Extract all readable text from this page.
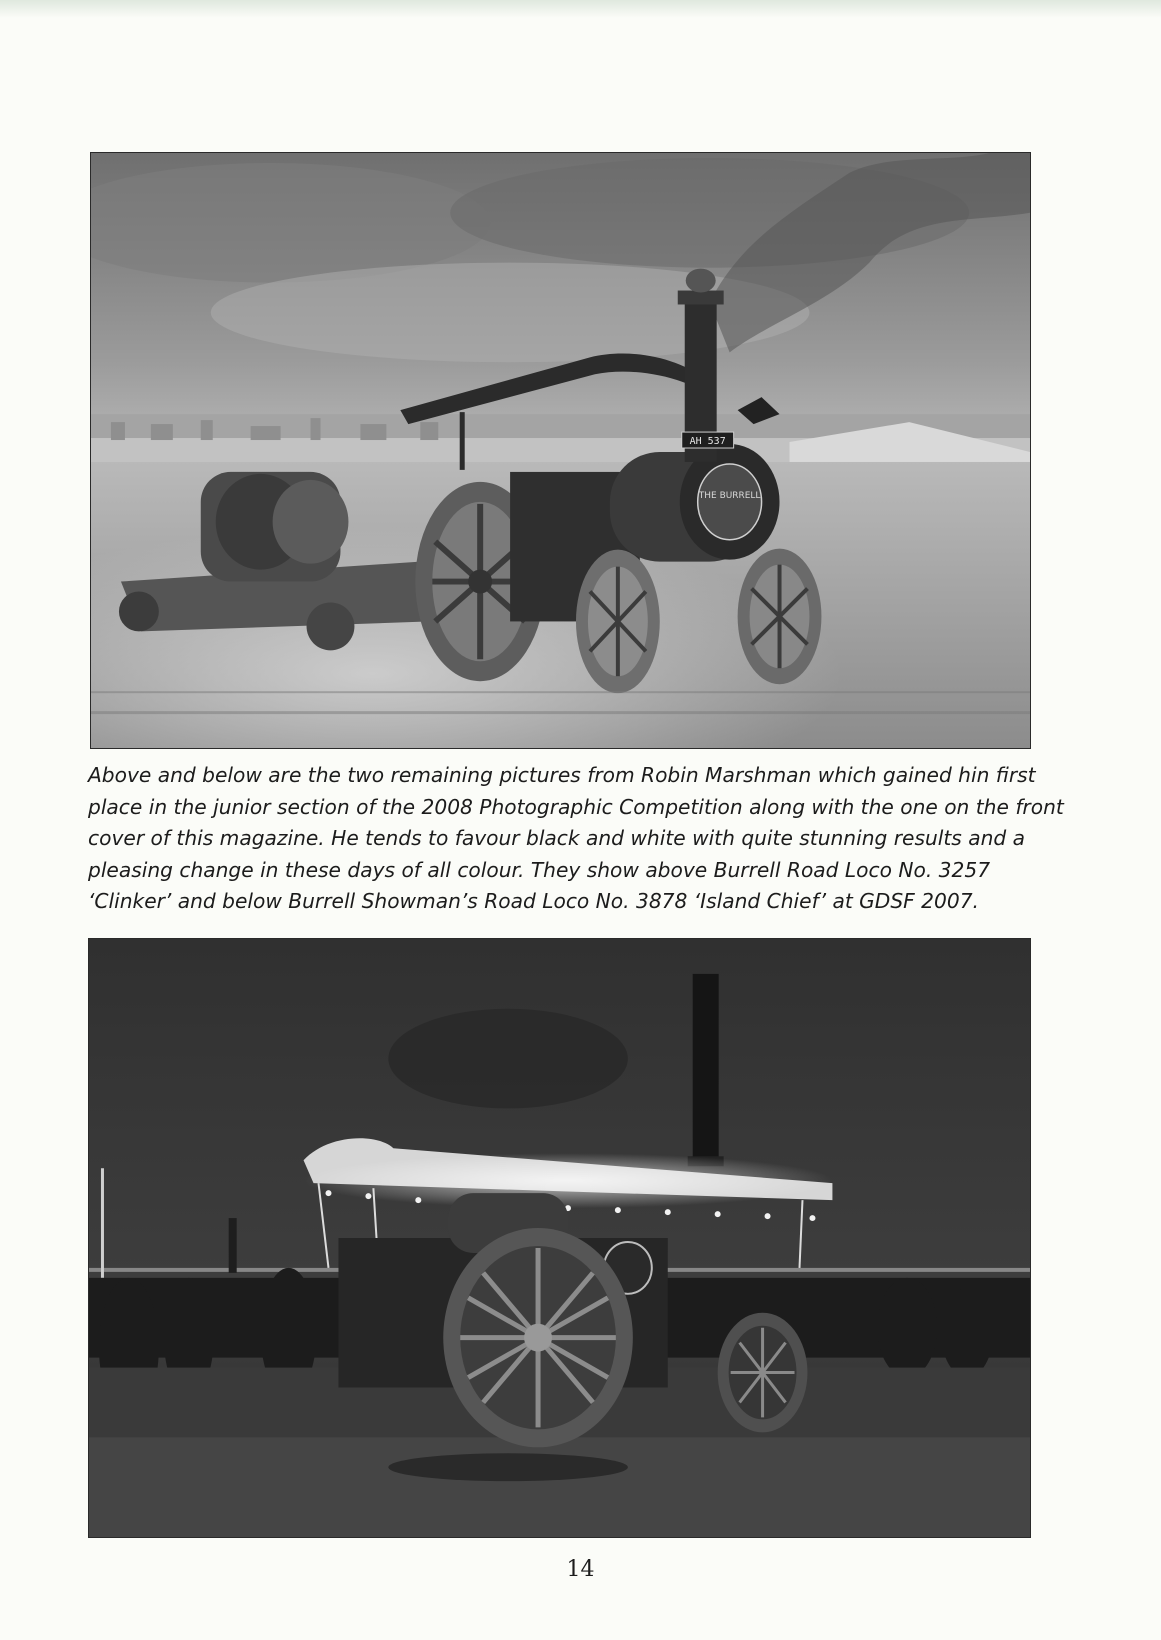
THE BURRELL
AH 537

Above and below are the two remaining pictures from Robin Marshman which gained hin first
place in the junior section of the 2008 Photographic Competition along with the one on the front
cover of this magazine. He tends to favour black and white with quite stunning results and a
pleasing change in these days of all colour. They show above Burrell Road Loco No. 3257
‘Clinker’ and below Burrell Showman’s Road Loco No. 3878 ‘Island Chief’ at GDSF 2007.

14
